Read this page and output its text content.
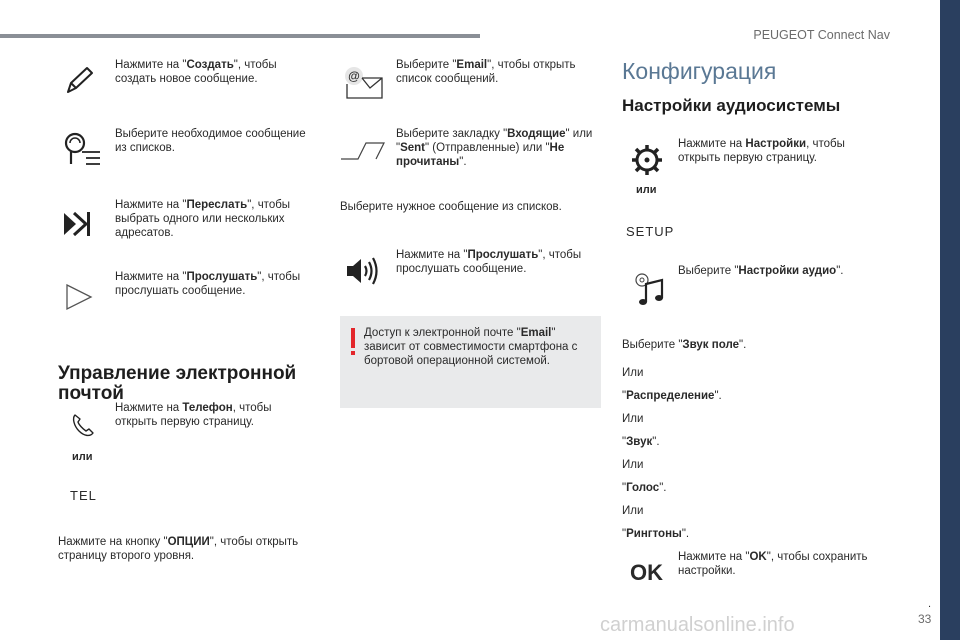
PEUGEOT Connect Nav
.
33
Нажмите на "Создать", чтобы создать новое сообщение.
Выберите необходимое сообщение из списков.
Нажмите на "Переслать", чтобы выбрать одного или нескольких адресатов.
Нажмите на "Прослушать", чтобы прослушать сообщение.
Управление электронной почтой
Нажмите на Телефон, чтобы открыть первую страницу.
или
TEL
Нажмите на кнопку "ОПЦИИ", чтобы открыть страницу второго уровня.
@
Выберите "Email", чтобы открыть список сообщений.
Выберите закладку "Входящие" или "Sent" (Отправленные) или "Не прочитаны".
Выберите нужное сообщение из списков.
Нажмите на "Прослушать", чтобы прослушать сообщение.
Доступ к электронной почте "Email" зависит от совместимости смартфона с бортовой операционной системой.
Конфигурация
Настройки аудиосистемы
Нажмите на Настройки, чтобы открыть первую страницу.
или
SETUP
Выберите "Настройки аудио".
Выберите "Звук поле".
Или
"Распределение".
Или
"Звук".
Или
"Голос".
Или
"Рингтоны".
OK
Нажмите на "OK", чтобы сохранить настройки.
carmanualsonline.info
